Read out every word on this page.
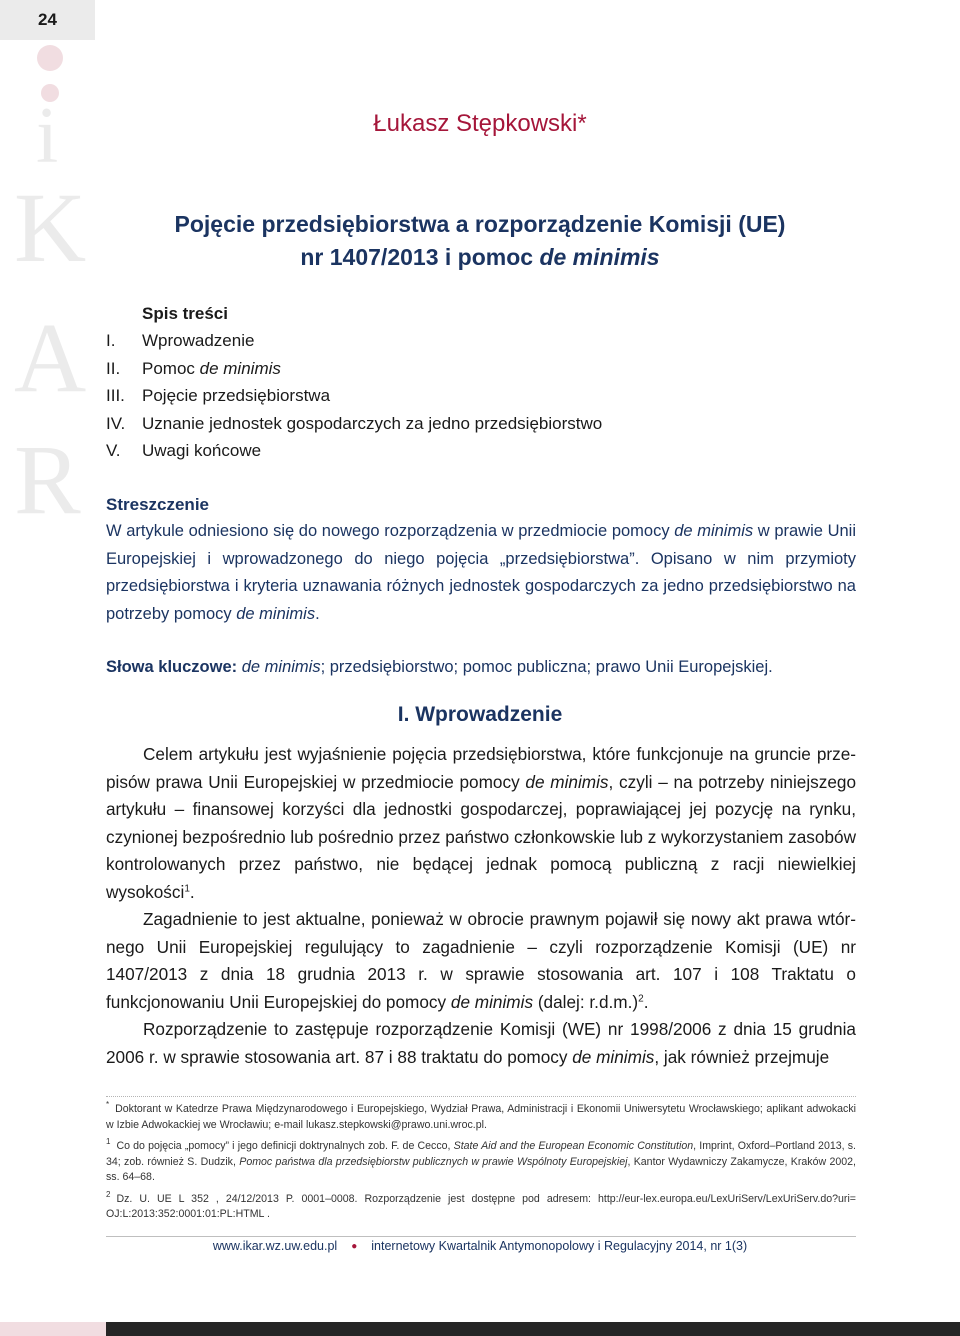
24
i
K
A
R
Łukasz Stępkowski*
Pojęcie przedsiębiorstwa a rozporządzenie Komisji (UE)
nr 1407/2013 i pomoc de minimis
Spis treści
I. Wprowadzenie
II. Pomoc de minimis
III. Pojęcie przedsiębiorstwa
IV. Uznanie jednostek gospodarczych za jedno przedsiębiorstwo
V. Uwagi końcowe
Streszczenie
W artykule odniesiono się do nowego rozporządzenia w przedmiocie pomocy de minimis w prawie Unii Europejskiej i wprowadzonego do niego pojęcia „przedsiębiorstwa”. Opisano w nim przymioty przedsiębiorstwa i kryteria uznawania różnych jednostek gospodarczych za jedno przedsiębiorstwo na potrzeby pomocy de minimis.
Słowa kluczowe: de minimis; przedsiębiorstwo; pomoc publiczna; prawo Unii Europejskiej.
I. Wprowadzenie

Celem artykułu jest wyjaśnienie pojęcia przedsiębiorstwa, które funkcjonuje na gruncie przepisów prawa Unii Europejskiej w przedmiocie pomocy de minimis, czyli – na potrzeby niniejszego artykułu – finansowej korzyści dla jednostki gospodarczej, poprawiającej jej pozycję na rynku, czynionej bezpośrednio lub pośrednio przez państwo członkowskie lub z wykorzystaniem zasobów kontrolowanych przez państwo, nie będącej jednak pomocą publiczną z racji niewielkiej wysokości$^1$.

Zagadnienie to jest aktualne, ponieważ w obrocie prawnym pojawił się nowy akt prawa wtórnego Unii Europejskiej regulujący to zagadnienie – czyli rozporządzenie Komisji (UE) nr 1407/2013 z dnia 18 grudnia 2013 r. w sprawie stosowania art. 107 i 108 Traktatu o funkcjonowaniu Unii Europejskiej do pomocy de minimis (dalej: r.d.m.)$^2$.

Rozporządzenie to zastępuje rozporządzenie Komisji (WE) nr 1998/2006 z dnia 15 grudnia 2006 r. w sprawie stosowania art. 87 i 88 traktatu do pomocy de minimis, jak również przejmuje

* Doktorant w Katedrze Prawa Międzynarodowego i Europejskiego, Wydział Prawa, Administracji i Ekonomii Uniwersytetu Wrocławskiego; aplikant adwokacki w Izbie Adwokackiej we Wrocławiu; e-mail lukasz.stepkowski@prawo.uni.wroc.pl.
$^1$ Co do pojęcia „pomocy” i jego definicji doktrynalnych zob. F. de Cecco, State Aid and the European Economic Constitution, Imprint, Oxford–Portland 2013, s. 34; zob. również S. Dudzik, Pomoc państwa dla przedsiębiorstw publicznych w prawie Wspólnoty Europejskiej, Kantor Wydawniczy Zakamycze, Kraków 2002, ss. 64–68.
$^2$ Dz. U. UE L 352 , 24/12/2013 P. 0001–0008. Rozporządzenie jest dostępne pod adresem: http://eur-lex.europa.eu/LexUriServ/LexUriServ.do?uri= OJ:L:2013:352:0001:01:PL:HTML .
www.ikar.wz.uw.edu.pl ● internetowy Kwartalnik Antymonopolowy i Regulacyjny 2014, nr 1(3)
